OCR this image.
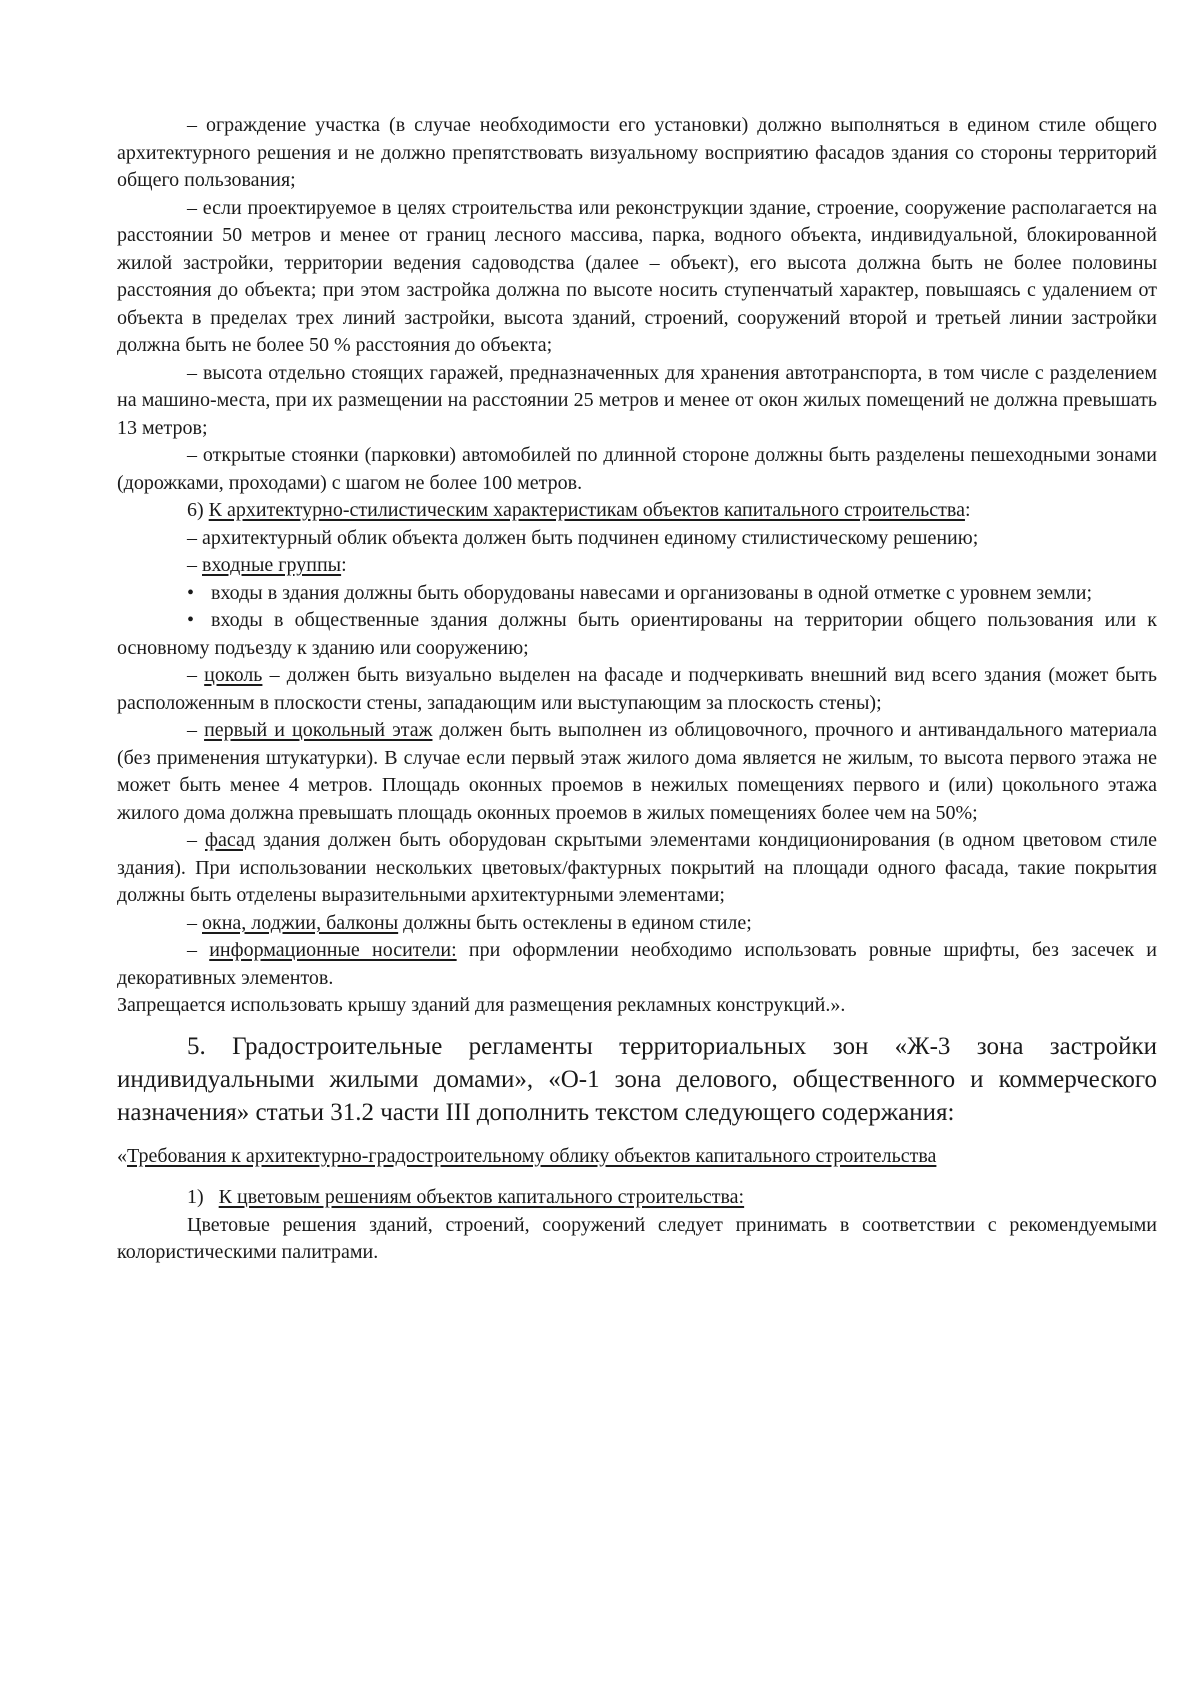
– ограждение участка (в случае необходимости его установки) должно выполняться в едином стиле общего архитектурного решения и не должно препятствовать визуальному восприятию фасадов здания со стороны территорий общего пользования;

– если проектируемое в целях строительства или реконструкции здание, строение, сооружение располагается на расстоянии 50 метров и менее от границ лесного массива, парка, водного объекта, индивидуальной, блокированной жилой застройки, территории ведения садоводства (далее – объект), его высота должна быть не более половины расстояния до объекта; при этом застройка должна по высоте носить ступенчатый характер, повышаясь с удалением от объекта в пределах трех линий застройки, высота зданий, строений, сооружений второй и третьей линии застройки должна быть не более 50 % расстояния до объекта;

– высота отдельно стоящих гаражей, предназначенных для хранения автотранспорта, в том числе с разделением на машино-места, при их размещении на расстоянии 25 метров и менее от окон жилых помещений не должна превышать 13 метров;

– открытые стоянки (парковки) автомобилей по длинной стороне должны быть разделены пешеходными зонами (дорожками, проходами) с шагом не более 100 метров.

6) К архитектурно-стилистическим характеристикам объектов капитального строительства:

– архитектурный облик объекта должен быть подчинен единому стилистическому решению;

– входные группы:

• входы в здания должны быть оборудованы навесами и организованы в одной отметке с уровнем земли;

• входы в общественные здания должны быть ориентированы на территории общего пользования или к основному подъезду к зданию или сооружению;

– цоколь – должен быть визуально выделен на фасаде и подчеркивать внешний вид всего здания (может быть расположенным в плоскости стены, западающим или выступающим за плоскость стены);

– первый и цокольный этаж должен быть выполнен из облицовочного, прочного и антивандального материала (без применения штукатурки). В случае если первый этаж жилого дома является не жилым, то высота первого этажа не может быть менее 4 метров. Площадь оконных проемов в нежилых помещениях первого и (или) цокольного этажа жилого дома должна превышать площадь оконных проемов в жилых помещениях более чем на 50%;

– фасад здания должен быть оборудован скрытыми элементами кондиционирования (в одном цветовом стиле здания). При использовании нескольких цветовых/фактурных покрытий на площади одного фасада, такие покрытия должны быть отделены выразительными архитектурными элементами;

– окна, лоджии, балконы должны быть остеклены в едином стиле;

– информационные носители: при оформлении необходимо использовать ровные шрифты, без засечек и декоративных элементов.

Запрещается использовать крышу зданий для размещения рекламных конструкций.».

5. Градостроительные регламенты территориальных зон «Ж-3 зона застройки индивидуальными жилыми домами», «О-1 зона делового, общественного и коммерческого назначения» статьи 31.2 части III дополнить текстом следующего содержания:

«Требования к архитектурно-градостроительному облику объектов капитального строительства

1) К цветовым решениям объектов капитального строительства:

Цветовые решения зданий, строений, сооружений следует принимать в соответствии с рекомендуемыми колористическими палитрами.
